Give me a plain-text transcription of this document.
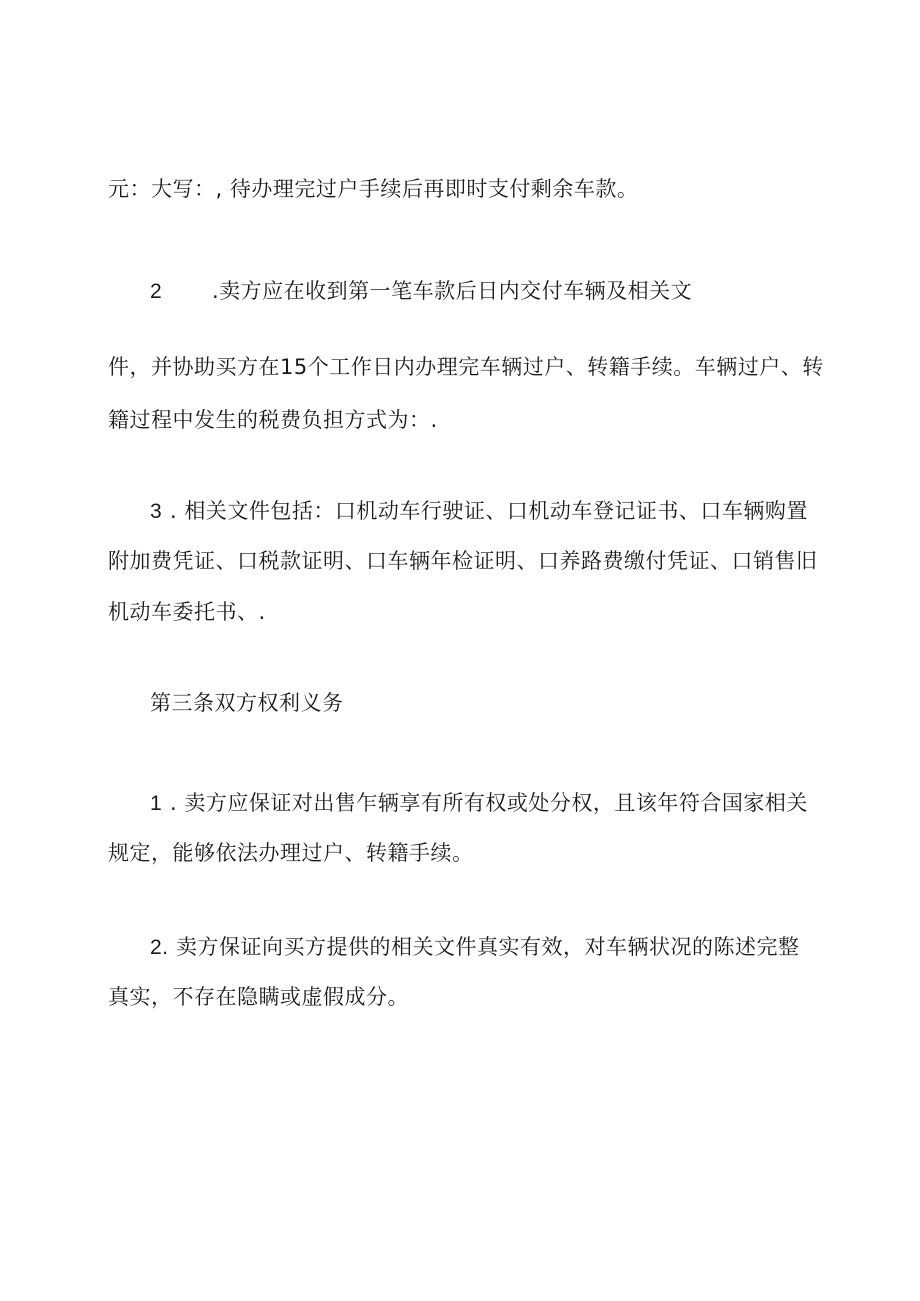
元：大写：, 待办理完过户手续后再即时支付剩余车款。
2 .卖方应在收到第一笔车款后日内交付车辆及相关文
件，并协助买方在15个工作日内办理完车辆过户、转籍手续。车辆过户、转
籍过程中发生的税费负担方式为：.
3 . 相关文件包括：口机动车行驶证、口机动车登记证书、口车辆购置
附加费凭证、口税款证明、口车辆年检证明、口养路费缴付凭证、口销售旧
机动车委托书、.
第三条双方权利义务
1 . 卖方应保证对出售乍辆享有所有权或处分权，且该年符合国家相关
规定，能够依法办理过户、转籍手续。
2. 卖方保证向买方提供的相关文件真实有效，对车辆状况的陈述完整
真实，不存在隐瞒或虚假成分。
